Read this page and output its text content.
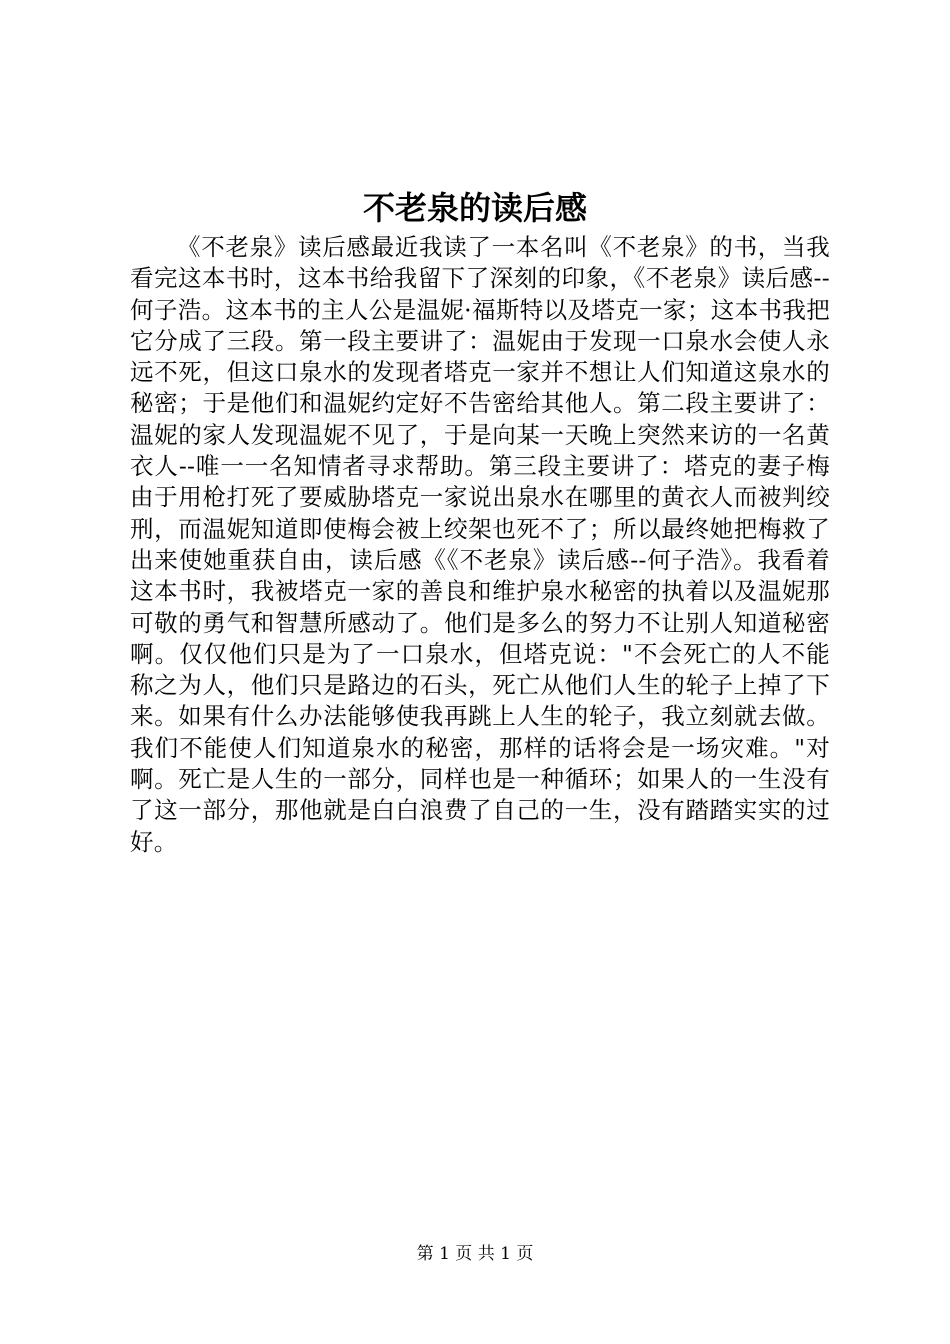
不老泉的读后感

《不老泉》读后感最近我读了一本名叫《不老泉》的书，当我看完这本书时，这本书给我留下了深刻的印象，《不老泉》读后感--何子浩。这本书的主人公是温妮·福斯特以及塔克一家；这本书我把它分成了三段。第一段主要讲了：温妮由于发现一口泉水会使人永远不死，但这口泉水的发现者塔克一家并不想让人们知道这泉水的秘密；于是他们和温妮约定好不告密给其他人。第二段主要讲了：温妮的家人发现温妮不见了，于是向某一天晚上突然来访的一名黄衣人--唯一一名知情者寻求帮助。第三段主要讲了：塔克的妻子梅由于用枪打死了要威胁塔克一家说出泉水在哪里的黄衣人而被判绞刑，而温妮知道即使梅会被上绞架也死不了；所以最终她把梅救了出来使她重获自由，读后感《《不老泉》读后感--何子浩》。我看着这本书时，我被塔克一家的善良和维护泉水秘密的执着以及温妮那可敬的勇气和智慧所感动了。他们是多么的努力不让别人知道秘密啊。仅仅他们只是为了一口泉水，但塔克说："不会死亡的人不能称之为人，他们只是路边的石头，死亡从他们人生的轮子上掉了下来。如果有什么办法能够使我再跳上人生的轮子，我立刻就去做。我们不能使人们知道泉水的秘密，那样的话将会是一场灾难。"对啊。死亡是人生的一部分，同样也是一种循环；如果人的一生没有了这一部分，那他就是白白浪费了自己的一生，没有踏踏实实的过好。

第 1 页 共 1 页
